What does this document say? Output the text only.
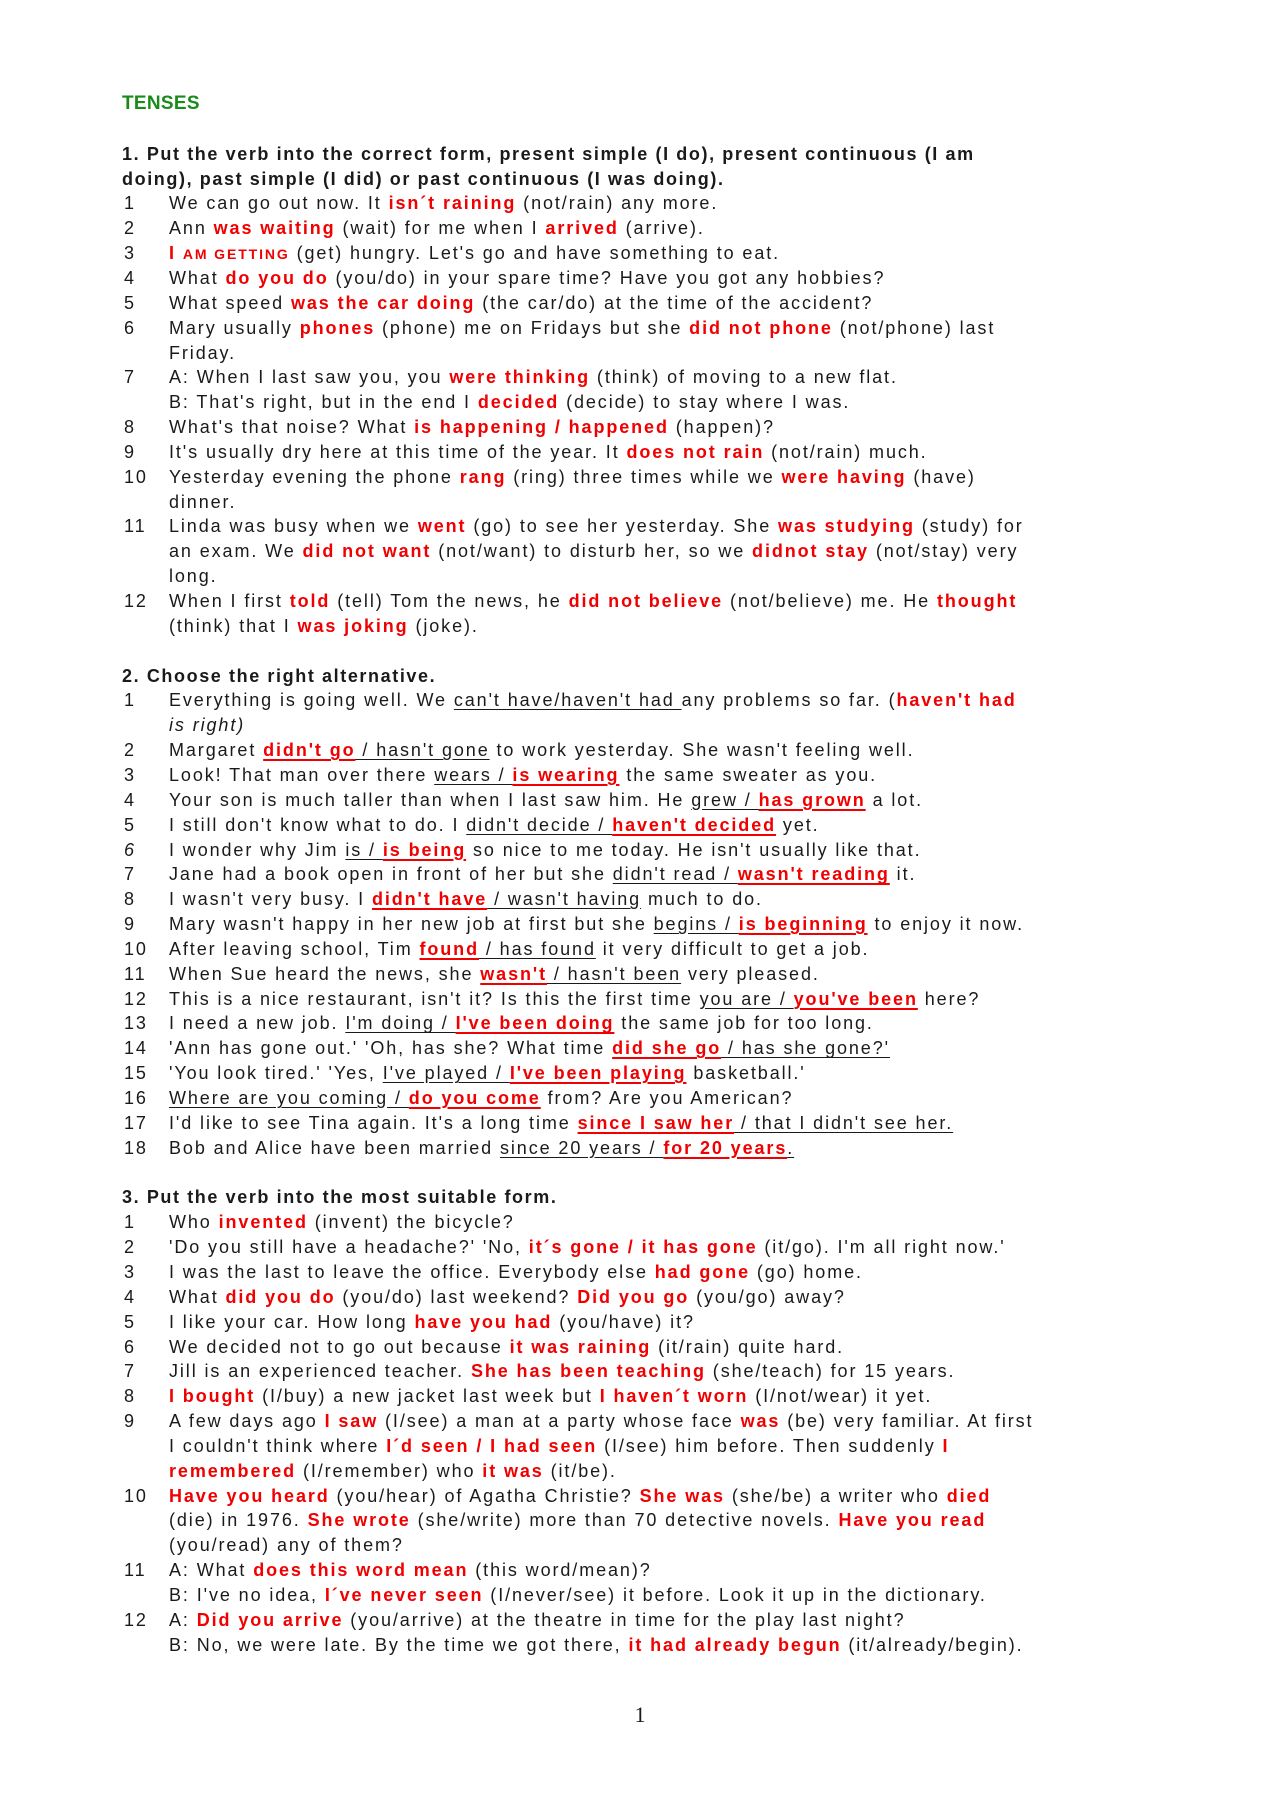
TENSES
1
1. Put the verb into the correct form, present simple (I do), present continuous (I am
doing), past simple (I did) or past continuous (I was doing).
1 We can go out now. It isn´t raining (not/rain) any more.
2 Ann was waiting (wait) for me when I arrived (arrive).
3 I AM GETTING (get) hungry. Let's go and have something to eat.
4 What do you do (you/do) in your spare time? Have you got any hobbies?
5 What speed was the car doing (the car/do) at the time of the accident?
6 Mary usually phones (phone) me on Fridays but she did not phone (not/phone) last
Friday.
7 A: When I last saw you, you were thinking (think) of moving to a new flat.
B: That's right, but in the end I decided (decide) to stay where I was.
8 What's that noise? What is happening / happened (happen)?
9 It's usually dry here at this time of the year. It does not rain (not/rain) much.
10 Yesterday evening the phone rang (ring) three times while we were having (have)
dinner.
11 Linda was busy when we went (go) to see her yesterday. She was studying (study) for
an exam. We did not want (not/want) to disturb her, so we didnot stay (not/stay) very
long.
12 When I first told (tell) Tom the news, he did not believe (not/believe) me. He thought
(think) that I was joking (joke).
2. Choose the right alternative.
1 Everything is going well. We can't have/haven't had any problems so far. (haven't had
is right)
2 Margaret didn't go / hasn't gone to work yesterday. She wasn't feeling well.
3 Look! That man over there wears / is wearing the same sweater as you.
4 Your son is much taller than when I last saw him. He grew / has grown a lot.
5 I still don't know what to do. I didn't decide / haven't decided yet.
6 I wonder why Jim is / is being so nice to me today. He isn't usually like that.
7 Jane had a book open in front of her but she didn't read / wasn't reading it.
8 I wasn't very busy. I didn't have / wasn't having much to do.
9 Mary wasn't happy in her new job at first but she begins / is beginning to enjoy it now.
10 After leaving school, Tim found / has found it very difficult to get a job.
11 When Sue heard the news, she wasn't / hasn't been very pleased.
12 This is a nice restaurant, isn't it? Is this the first time you are / you've been here?
13 I need a new job. I'm doing / I've been doing the same job for too long.
14 'Ann has gone out.' 'Oh, has she? What time did she go / has she gone?'
15 'You look tired.' 'Yes, I've played / I've been playing basketball.'
16 Where are you coming / do you come from? Are you American?
17 I'd like to see Tina again. It's a long time since I saw her / that I didn't see her.
18 Bob and Alice have been married since 20 years / for 20 years.
3. Put the verb into the most suitable form.
1 Who invented (invent) the bicycle?
2 'Do you still have a headache?' 'No, it´s gone / it has gone (it/go). I'm all right now.'
3 I was the last to leave the office. Everybody else had gone (go) home.
4 What did you do (you/do) last weekend? Did you go (you/go) away?
5 I like your car. How long have you had (you/have) it?
6 We decided not to go out because it was raining (it/rain) quite hard.
7 Jill is an experienced teacher. She has been teaching (she/teach) for 15 years.
8 I bought (I/buy) a new jacket last week but I haven´t worn (I/not/wear) it yet.
9 A few days ago I saw (I/see) a man at a party whose face was (be) very familiar. At first
I couldn't think where I´d seen / I had seen (I/see) him before. Then suddenly I
remembered (I/remember) who it was (it/be).
10 Have you heard (you/hear) of Agatha Christie? She was (she/be) a writer who died
(die) in 1976. She wrote (she/write) more than 70 detective novels. Have you read
(you/read) any of them?
11 A: What does this word mean (this word/mean)?
B: I've no idea, I´ve never seen (I/never/see) it before. Look it up in the dictionary.
12 A: Did you arrive (you/arrive) at the theatre in time for the play last night?
B: No, we were late. By the time we got there, it had already begun (it/already/begin).
